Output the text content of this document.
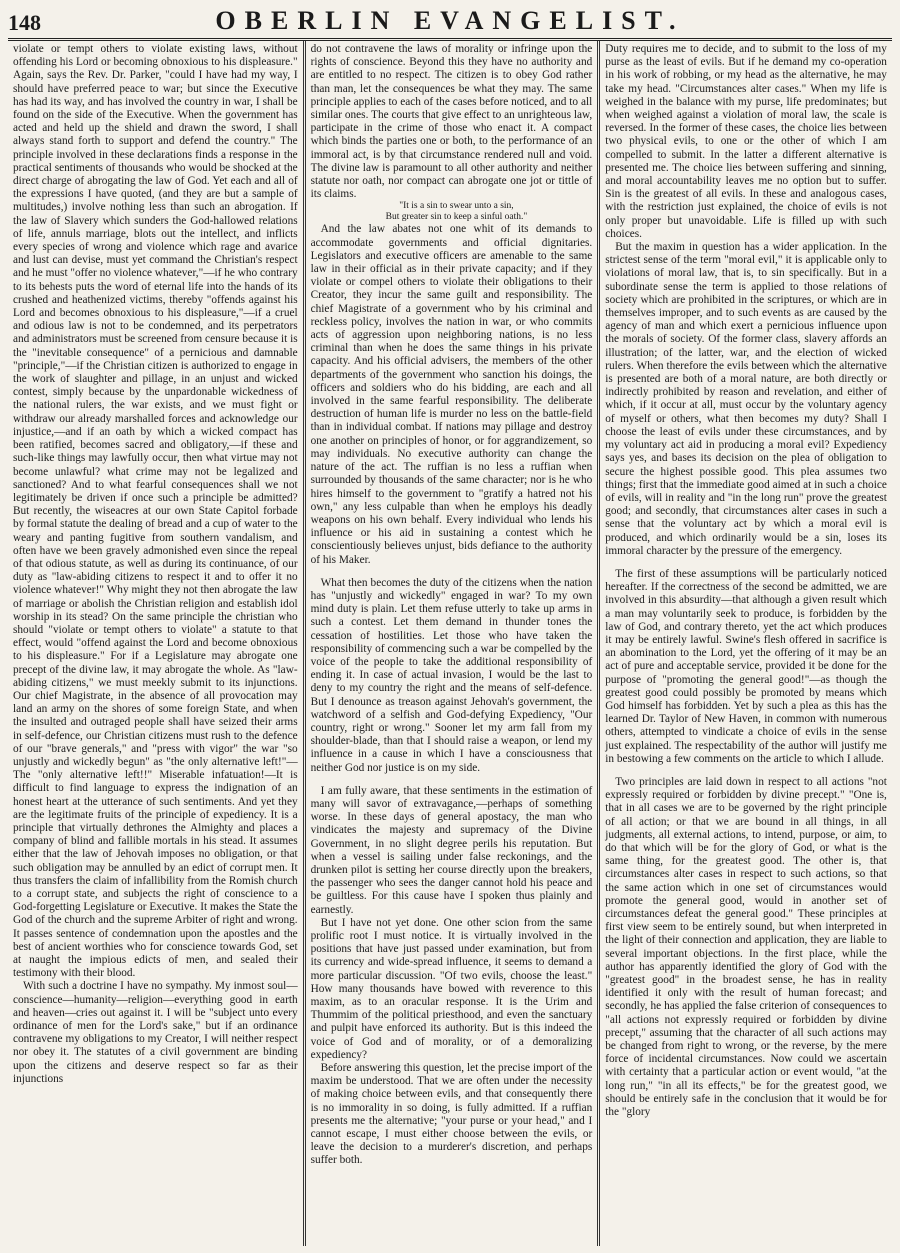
148	OBERLIN EVANGELIST.

violate or tempt others to violate existing laws, without offending his Lord or becoming obnoxious to his displeasure." Again, says the Rev. Dr. Parker, "could I have had my way, I should have preferred peace to war; but since the Executive has had its way, and has involved the country in war, I shall be found on the side of the Executive. When the government has acted and held up the shield and drawn the sword, I shall always stand forth to support and defend the country." The principle involved in these declarations finds a response in the practical sentiments of thousands who would be shocked at the direct charge of abrogating the law of God. Yet each and all of the expressions I have quoted, (and they are but a sample of multitudes,) involve nothing less than such an abrogation. If the law of Slavery which sunders the God-hallowed relations of life, annuls marriage, blots out the intellect, and inflicts every species of wrong and violence which rage and avarice and lust can devise, must yet command the Christian's respect and he must "offer no violence whatever,"—if he who contrary to its behests puts the word of eternal life into the hands of its crushed and heathenized victims, thereby "offends against his Lord and becomes obnoxious to his displeasure,"—if a cruel and odious law is not to be condemned, and its perpetrators and administrators must be screened from censure because it is the "inevitable consequence" of a pernicious and damnable "principle,"—if the Christian citizen is authorized to engage in the work of slaughter and pillage, in an unjust and wicked contest, simply because by the unpardonable wickedness of the national rulers, the war exists, and we must fight or withdraw our already marshalled forces and acknowledge our injustice,—and if an oath by which a wicked compact has been ratified, becomes sacred and obligatory,—if these and such-like things may lawfully occur, then what virtue may not become unlawful? what crime may not be legalized and sanctioned? And to what fearful consequences shall we not legitimately be driven if once such a principle be admitted? But recently, the wiseacres at our own State Capitol forbade by formal statute the dealing of bread and a cup of water to the weary and panting fugitive from southern vandalism, and often have we been gravely admonished even since the repeal of that odious statute, as well as during its continuance, of our duty as "law-abiding citizens to respect it and to offer it no violence whatever!" Why might they not then abrogate the law of marriage or abolish the Christian religion and establish idol worship in its stead? On the same principle the christian who should "violate or tempt others to violate" a statute to that effect, would "offend against the Lord and become obnoxious to his displeasure." For if a Legislature may abrogate one precept of the divine law, it may abrogate the whole. As "law-abiding citizens," we must meekly submit to its injunctions. Our chief Magistrate, in the absence of all provocation may land an army on the shores of some foreign State, and when the insulted and outraged people shall have seized their arms in self-defence, our Christian citizens must rush to the defence of our "brave generals," and "press with vigor" the war "so unjustly and wickedly begun" as "the only alternative left!"—The "only alternative left!!" Miserable infatuation!—It is difficult to find language to express the indignation of an honest heart at the utterance of such sentiments. And yet they are the legitimate fruits of the principle of expediency. It is a principle that virtually dethrones the Almighty and places a company of blind and fallible mortals in his stead. It assumes either that the law of Jehovah imposes no obligation, or that such obligation may be annulled by an edict of corrupt men. It thus transfers the claim of infallibility from the Romish church to a corrupt state, and subjects the right of conscience to a God-forgetting Legislature or Executive. It makes the State the God of the church and the supreme Arbiter of right and wrong. It passes sentence of condemnation upon the apostles and the best of ancient worthies who for conscience towards God, set at naught the impious edicts of men, and sealed their testimony with their blood.

With such a doctrine I have no sympathy. My inmost soul—conscience—humanity—religion—everything good in earth and heaven—cries out against it. I will be "subject unto every ordinance of men for the Lord's sake," but if an ordinance contravene my obligations to my Creator, I will neither respect nor obey it. The statutes of a civil government are binding upon the citizens and deserve respect so far as their injunctions

do not contravene the laws of morality or infringe upon the rights of conscience. Beyond this they have no authority and are entitled to no respect. The citizen is to obey God rather than man, let the consequences be what they may. The same principle applies to each of the cases before noticed, and to all similar ones. The courts that give effect to an unrighteous law, participate in the crime of those who enact it. A compact which binds the parties one or both, to the performance of an immoral act, is by that circumstance rendered null and void. The divine law is paramount to all other authority and neither statute nor oath, nor compact can abrogate one jot or tittle of its claims.

"It is a sin to swear unto a sin,

But greater sin to keep a sinful oath."

And the law abates not one whit of its demands to accommodate governments and official dignitaries. Legislators and executive officers are amenable to the same law in their official as in their private capacity; and if they violate or compel others to violate their obligations to their Creator, they incur the same guilt and responsibility. The chief Magistrate of a government who by his criminal and reckless policy, involves the nation in war, or who commits acts of aggression upon neighboring nations, is no less criminal than when he does the same things in his private capacity. And his official advisers, the members of the other departments of the government who sanction his doings, the officers and soldiers who do his bidding, are each and all involved in the same fearful responsibility. The deliberate destruction of human life is murder no less on the battle-field than in individual combat. If nations may pillage and destroy one another on principles of honor, or for aggrandizement, so may individuals. No executive authority can change the nature of the act. The ruffian is no less a ruffian when surrounded by thousands of the same character; nor is he who hires himself to the government to "gratify a hatred not his own," any less culpable than when he employs his deadly weapons on his own behalf. Every individual who lends his influence or his aid in sustaining a contest which he conscientiously believes unjust, bids defiance to the authority of his Maker.

What then becomes the duty of the citizens when the nation has "unjustly and wickedly" engaged in war? To my own mind duty is plain. Let them refuse utterly to take up arms in such a contest. Let them demand in thunder tones the cessation of hostilities. Let those who have taken the responsibility of commencing such a war be compelled by the voice of the people to take the additional responsibility of ending it. In case of actual invasion, I would be the last to deny to my country the right and the means of self-defence. But I denounce as treason against Jehovah's government, the watchword of a selfish and God-defying Expediency, "Our country, right or wrong." Sooner let my arm fall from my shoulder-blade, than that I should raise a weapon, or lend my influence in a cause in which I have a consciousness that neither God nor justice is on my side.

I am fully aware, that these sentiments in the estimation of many will savor of extravagance,—perhaps of something worse. In these days of general apostacy, the man who vindicates the majesty and supremacy of the Divine Government, in no slight degree perils his reputation. But when a vessel is sailing under false reckonings, and the drunken pilot is setting her course directly upon the breakers, the passenger who sees the danger cannot hold his peace and be guiltless. For this cause have I spoken thus plainly and earnestly.

But I have not yet done. One other scion from the same prolific root I must notice. It is virtually involved in the positions that have just passed under examination, but from its currency and wide-spread influence, it seems to demand a more particular discussion. "Of two evils, choose the least." How many thousands have bowed with reverence to this maxim, as to an oracular response. It is the Urim and Thummim of the political priesthood, and even the sanctuary and pulpit have enforced its authority. But is this indeed the voice of God and of morality, or of a demoralizing expediency?

Before answering this question, let the precise import of the maxim be understood. That we are often under the necessity of making choice between evils, and that consequently there is no immorality in so doing, is fully admitted. If a ruffian presents me the alternative; "your purse or your head," and I cannot escape, I must either choose between the evils, or leave the decision to a murderer's discretion, and perhaps suffer both.

Duty requires me to decide, and to submit to the loss of my purse as the least of evils. But if he demand my co-operation in his work of robbing, or my head as the alternative, he may take my head. "Circumstances alter cases." When my life is weighed in the balance with my purse, life predominates; but when weighed against a violation of moral law, the scale is reversed. In the former of these cases, the choice lies between two physical evils, to one or the other of which I am compelled to submit. In the latter a different alternative is presented me. The choice lies between suffering and sinning, and moral accountability leaves me no option but to suffer. Sin is the greatest of all evils. In these and analogous cases, with the restriction just explained, the choice of evils is not only proper but unavoidable. Life is filled up with such choices.

But the maxim in question has a wider application. In the strictest sense of the term "moral evil," it is applicable only to violations of moral law, that is, to sin specifically. But in a subordinate sense the term is applied to those relations of society which are prohibited in the scriptures, or which are in themselves improper, and to such events as are caused by the agency of man and which exert a pernicious influence upon the morals of society. Of the former class, slavery affords an illustration; of the latter, war, and the election of wicked rulers. When therefore the evils between which the alternative is presented are both of a moral nature, are both directly or indirectly prohibited by reason and revelation, and either of which, if it occur at all, must occur by the voluntary agency of myself or others, what then becomes my duty? Shall I choose the least of evils under these circumstances, and by my voluntary act aid in producing a moral evil? Expediency says yes, and bases its decision on the plea of obligation to secure the highest possible good. This plea assumes two things; first that the immediate good aimed at in such a choice of evils, will in reality and "in the long run" prove the greatest good; and secondly, that circumstances alter cases in such a sense that the voluntary act by which a moral evil is produced, and which ordinarily would be a sin, loses its immoral character by the pressure of the emergency.

The first of these assumptions will be particularly noticed hereafter. If the correctness of the second be admitted, we are involved in this absurdity—that although a given result which a man may voluntarily seek to produce, is forbidden by the law of God, and contrary thereto, yet the act which produces it may be entirely lawful. Swine's flesh offered in sacrifice is an abomination to the Lord, yet the offering of it may be an act of pure and acceptable service, provided it be done for the purpose of "promoting the general good!"—as though the greatest good could possibly be promoted by means which God himself has forbidden. Yet by such a plea as this has the learned Dr. Taylor of New Haven, in common with numerous others, attempted to vindicate a choice of evils in the sense just explained. The respectability of the author will justify me in bestowing a few comments on the article to which I allude.

Two principles are laid down in respect to all actions "not expressly required or forbidden by divine precept." "One is, that in all cases we are to be governed by the right principle of all action; or that we are bound in all things, in all judgments, all external actions, to intend, purpose, or aim, to do that which will be for the glory of God, or what is the same thing, for the greatest good. The other is, that circumstances alter cases in respect to such actions, so that the same action which in one set of circumstances would promote the general good, would in another set of circumstances defeat the general good." These principles at first view seem to be entirely sound, but when interpreted in the light of their connection and application, they are liable to several important objections. In the first place, while the author has apparently identified the glory of God with the "greatest good" in the broadest sense, he has in reality identified it only with the result of human forecast; and secondly, he has applied the false criterion of consequences to "all actions not expressly required or forbidden by divine precept," assuming that the character of all such actions may be changed from right to wrong, or the reverse, by the mere force of incidental circumstances. Now could we ascertain with certainty that a particular action or event would, "at the long run," "in all its effects," be for the greatest good, we should be entirely safe in the conclusion that it would be for the "glory
